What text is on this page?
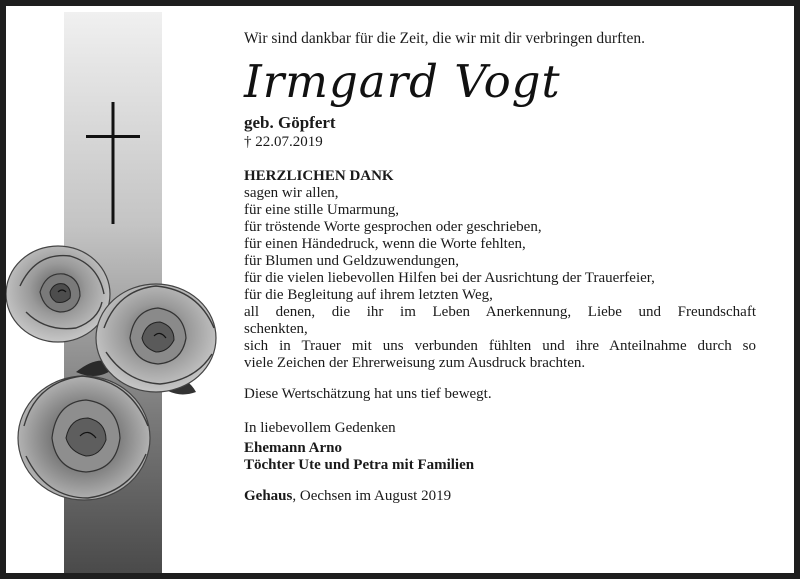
Wir sind dankbar für die Zeit, die wir mit dir verbringen durften.

Irmgard Vogt

geb. Göpfert

† 22.07.2019

HERZLICHEN DANK

sagen wir allen,
für eine stille Umarmung,
für tröstende Worte gesprochen oder geschrieben,
für einen Händedruck, wenn die Worte fehlten,
für Blumen und Geldzuwendungen,
für die vielen liebevollen Hilfen bei der Ausrichtung der Trauerfeier,
für die Begleitung auf ihrem letzten Weg,
all denen, die ihr im Leben Anerkennung, Liebe und Freundschaft
schenkten,
sich in Trauer mit uns verbunden fühlten und ihre Anteilnahme durch so
viele Zeichen der Ehrerweisung zum Ausdruck brachten.

Diese Wertschätzung hat uns tief bewegt.

In liebevollem Gedenken

Ehemann Arno

Töchter Ute und Petra mit Familien

Gehaus, Oechsen im August 2019
